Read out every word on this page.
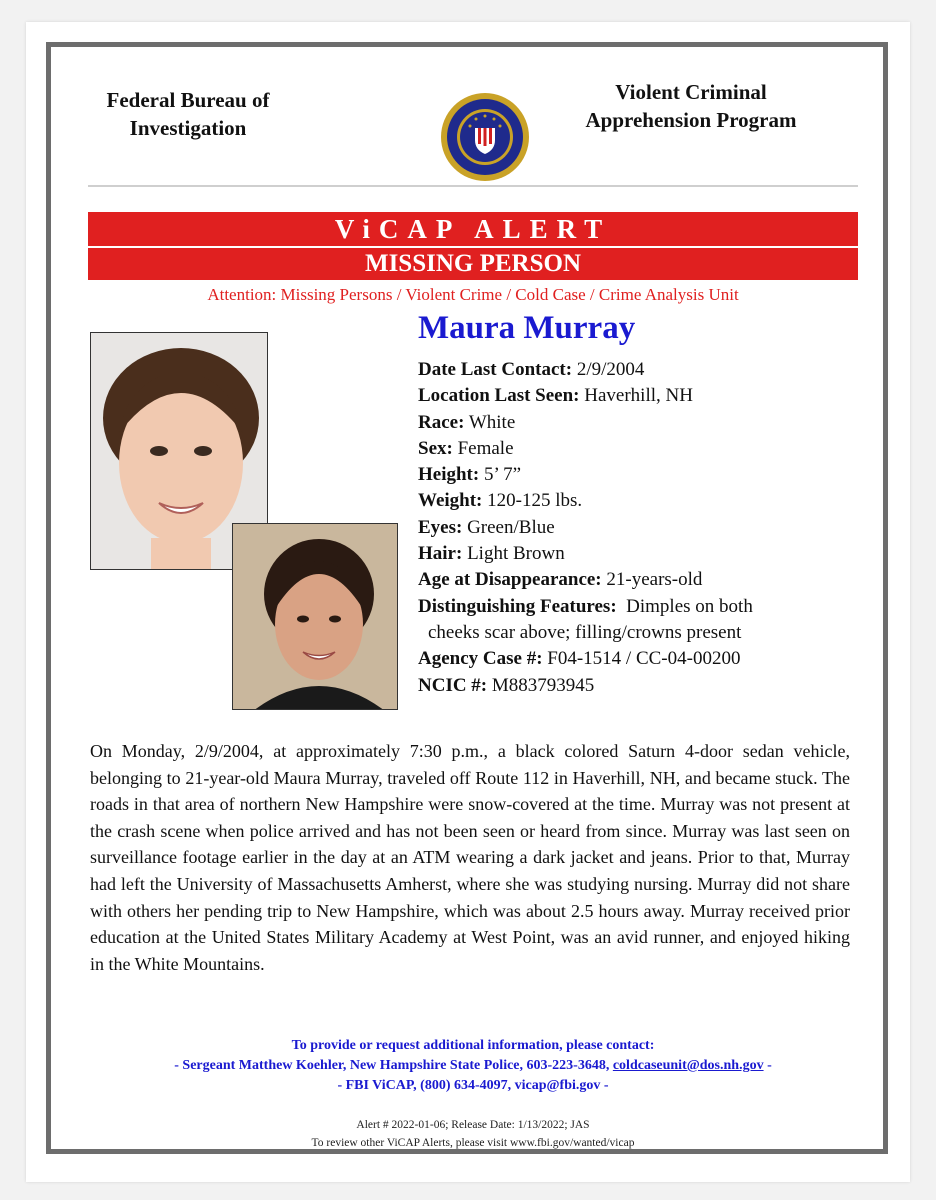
Federal Bureau of
Investigation
Violent Criminal
Apprehension Program
ViCAP ALERT
MISSING PERSON
Attention: Missing Persons / Violent Crime / Cold Case / Crime Analysis Unit
Maura Murray
Date Last Contact: 2/9/2004
Location Last Seen: Haverhill, NH
Race: White
Sex: Female
Height: 5’ 7”
Weight: 120-125 lbs.
Eyes: Green/Blue
Hair: Light Brown
Age at Disappearance: 21-years-old
Distinguishing Features: Dimples on both
cheeks scar above; filling/crowns present
Agency Case #: F04-1514 / CC-04-00200
NCIC #: M883793945
On Monday, 2/9/2004, at approximately 7:30 p.m., a black colored Saturn 4-door sedan vehicle, belonging to 21-year-old Maura Murray, traveled off Route 112 in Haverhill, NH, and became stuck. The roads in that area of northern New Hampshire were snow-covered at the time. Murray was not present at the crash scene when police arrived and has not been seen or heard from since. Murray was last seen on surveillance footage earlier in the day at an ATM wearing a dark jacket and jeans. Prior to that, Murray had left the University of Massachusetts Amherst, where she was studying nursing. Murray did not share with others her pending trip to New Hampshire, which was about 2.5 hours away. Murray received prior education at the United States Military Academy at West Point, was an avid runner, and enjoyed hiking in the White Mountains.
To provide or request additional information, please contact:
- Sergeant Matthew Koehler, New Hampshire State Police, 603-223-3648, coldcaseunit@dos.nh.gov -
- FBI ViCAP, (800) 634-4097, vicap@fbi.gov -
Alert # 2022-01-06; Release Date: 1/13/2022; JAS
To review other ViCAP Alerts, please visit www.fbi.gov/wanted/vicap
